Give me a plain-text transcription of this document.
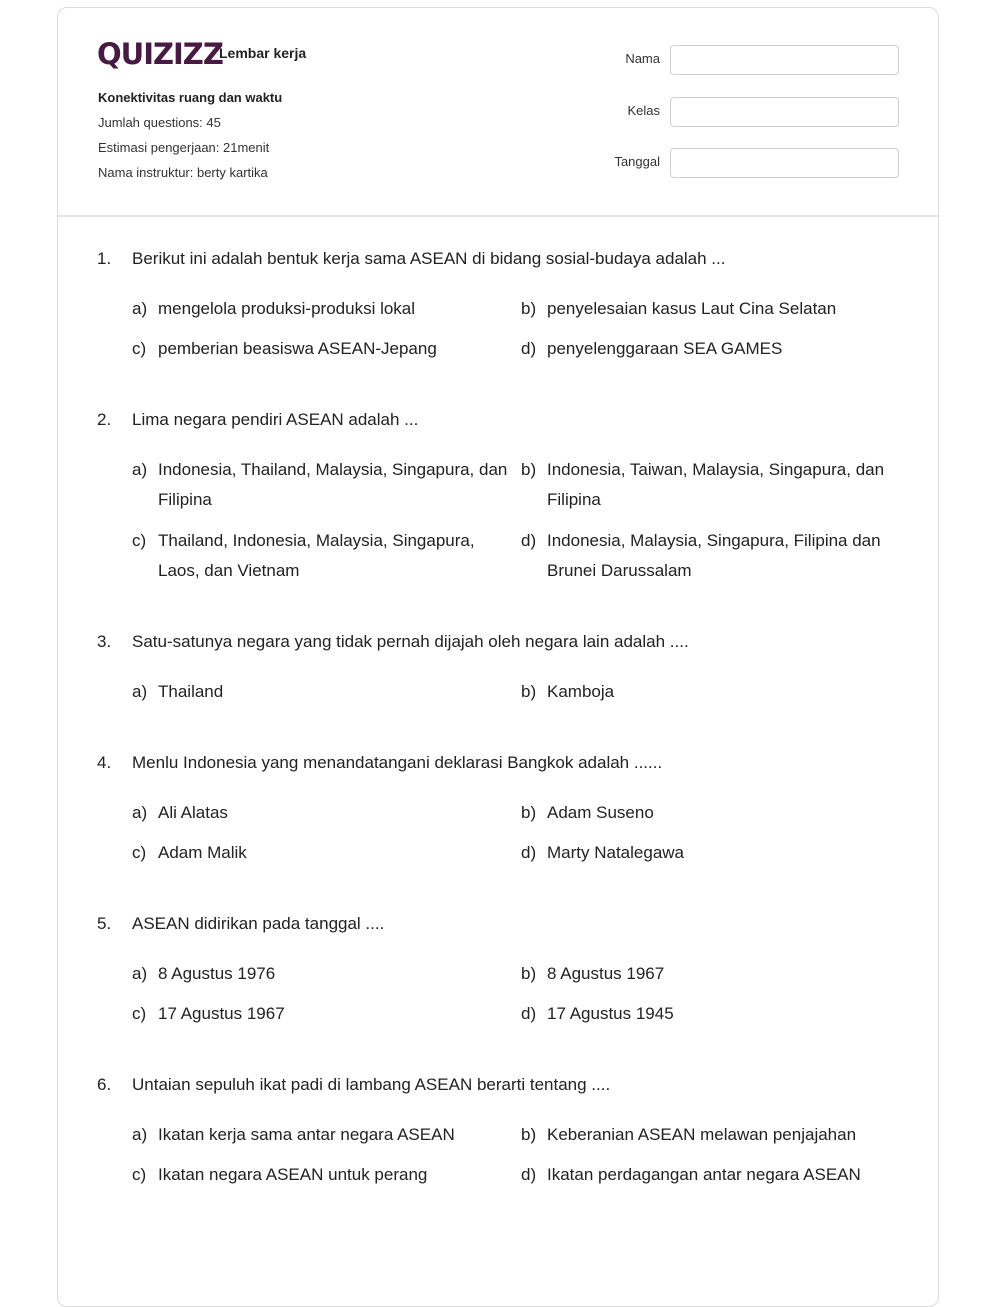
QUIZIZZ
Lembar kerja
Konektivitas ruang dan waktu
Jumlah questions: 45
Estimasi pengerjaan: 21menit
Nama instruktur: berty kartika
Nama
Kelas
Tanggal
1. Berikut ini adalah bentuk kerja sama ASEAN di bidang sosial-budaya adalah ...
a) mengelola produksi-produksi lokal	b) penyelesaian kasus Laut Cina Selatan
c) pemberian beasiswa ASEAN-Jepang	d) penyelenggaraan SEA GAMES
2. Lima negara pendiri ASEAN adalah ...
a) Indonesia, Thailand, Malaysia, Singapura, dan Filipina
b) Indonesia, Taiwan, Malaysia, Singapura, dan Filipina
c) Thailand, Indonesia, Malaysia, Singapura, Laos, dan Vietnam
d) Indonesia, Malaysia, Singapura, Filipina dan Brunei Darussalam
3. Satu-satunya negara yang tidak pernah dijajah oleh negara lain adalah ....
a) Thailand	b) Kamboja
4. Menlu Indonesia yang menandatangani deklarasi Bangkok adalah ......
a) Ali Alatas	b) Adam Suseno
c) Adam Malik	d) Marty Natalegawa
5. ASEAN didirikan pada tanggal ....
a) 8 Agustus 1976	b) 8 Agustus 1967
c) 17 Agustus 1967	d) 17 Agustus 1945
6. Untaian sepuluh ikat padi di lambang ASEAN berarti tentang ....
a) Ikatan kerja sama antar negara ASEAN	b) Keberanian ASEAN melawan penjajahan
c) Ikatan negara ASEAN untuk perang	d) Ikatan perdagangan antar negara ASEAN
